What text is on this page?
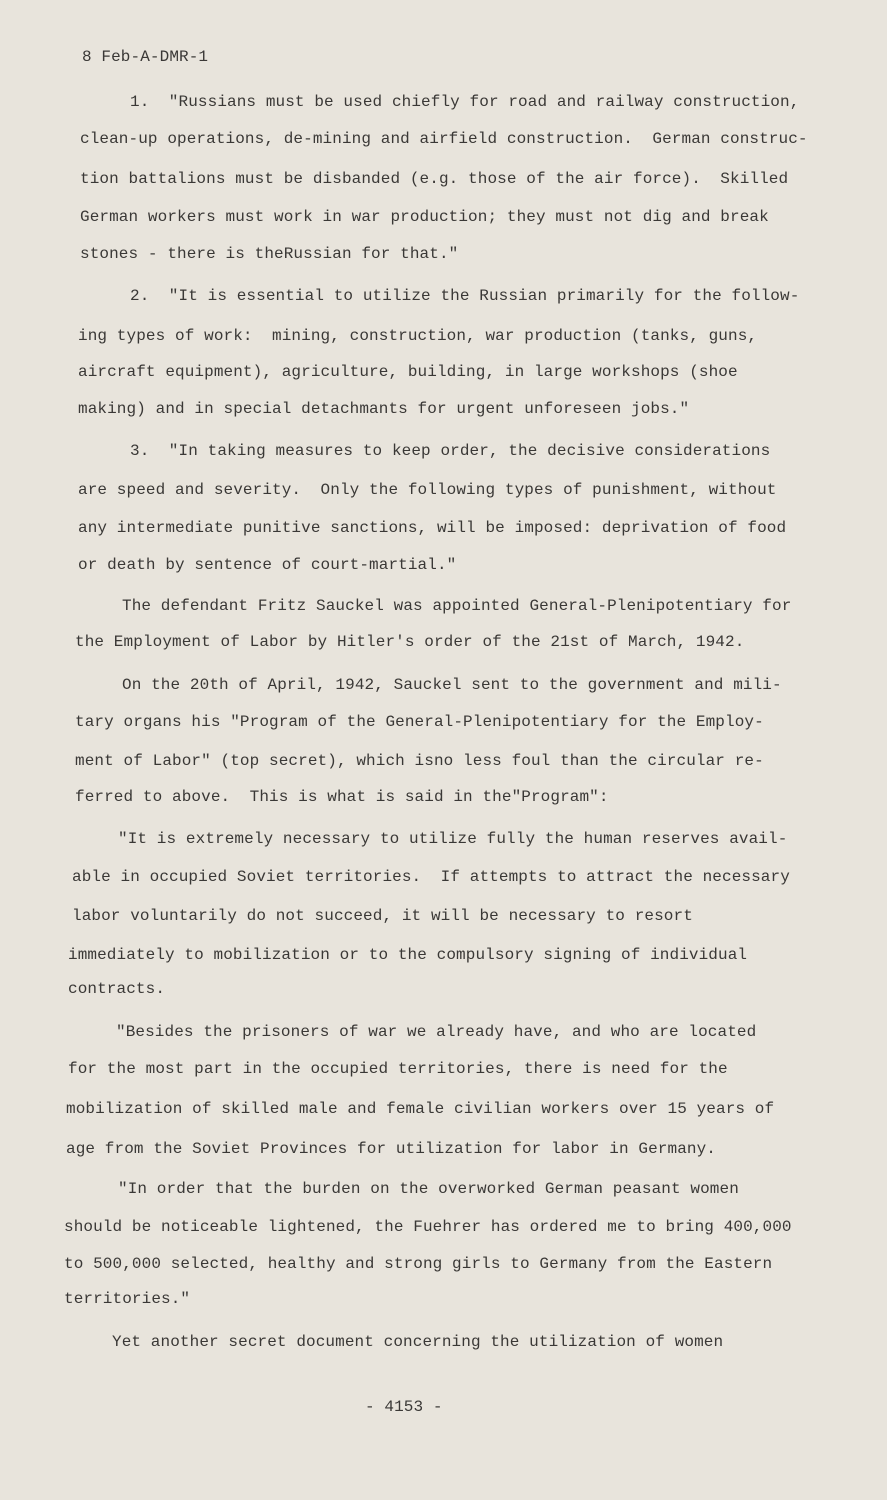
8 Feb-A-DMR-1
1.  "Russians must be used chiefly for road and railway construction,
clean-up operations, de-mining and airfield construction.  German construc-
tion battalions must be disbanded (e.g. those of the air force).  Skilled
German workers must work in war production; they must not dig and break
stones - there is theRussian for that."
2.  "It is essential to utilize the Russian primarily for the follow-
ing types of work:  mining, construction, war production (tanks, guns,
aircraft equipment), agriculture, building, in large workshops (shoe
making) and in special detachmants for urgent unforeseen jobs."
3.  "In taking measures to keep order, the decisive considerations
are speed and severity.  Only the following types of punishment, without
any intermediate punitive sanctions, will be imposed: deprivation of food
or death by sentence of court-martial."
The defendant Fritz Sauckel was appointed General-Plenipotentiary for
the Employment of Labor by Hitler's order of the 21st of March, 1942.
On the 20th of April, 1942, Sauckel sent to the government and mili-
tary organs his "Program of the General-Plenipotentiary for the Employ-
ment of Labor" (top secret), which isno less foul than the circular re-
ferred to above.  This is what is said in the"Program":
"It is extremely necessary to utilize fully the human reserves avail-
able in occupied Soviet territories.  If attempts to attract the necessary
labor voluntarily do not succeed, it will be necessary to resort
immediately to mobilization or to the compulsory signing of individual
contracts.
"Besides the prisoners of war we already have, and who are located
for the most part in the occupied territories, there is need for the
mobilization of skilled male and female civilian workers over 15 years of
age from the Soviet Provinces for utilization for labor in Germany.
"In order that the burden on the overworked German peasant women
should be noticeable lightened, the Fuehrer has ordered me to bring 400,000
to 500,000 selected, healthy and strong girls to Germany from the Eastern
territories."
Yet another secret document concerning the utilization of women
- 4153 -
